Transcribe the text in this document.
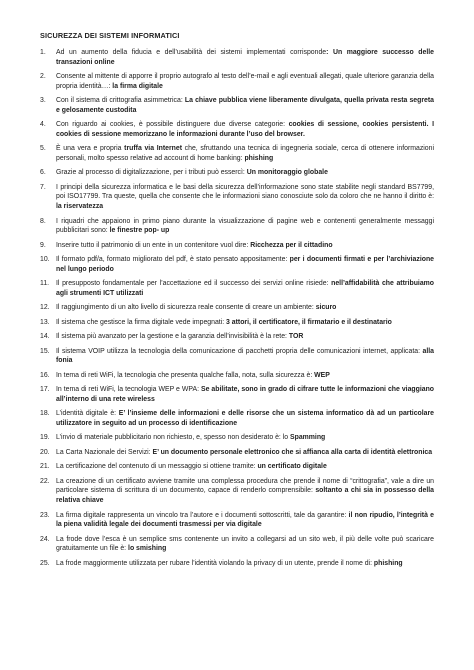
SICUREZZA DEI SISTEMI INFORMATICI
1.	Ad un aumento della fiducia e dell’usabilità dei sistemi implementati corrisponde: Un maggiore successo delle transazioni online
2.	Consente al mittente di apporre il proprio autografo al testo dell’e-mail e agli eventuali allegati, quale ulteriore garanzia della propria identità…: la firma digitale
3.	Con il sistema di crittografia asimmetrica: La chiave pubblica viene liberamente divulgata, quella privata resta segreta e gelosamente custodita
4.	Con riguardo ai cookies, è possibile distinguere due diverse categorie: cookies di sessione, cookies persistenti. I cookies di sessione memorizzano le informazioni durante l’uso del browser.
5.	È una vera e propria truffa via Internet che, sfruttando una tecnica di ingegneria sociale, cerca di ottenere informazioni personali, molto spesso relative ad account di home banking: phishing
6.	Grazie al processo di digitalizzazione, per i tributi può essercì: Un monitoraggio globale
7.	I principi della sicurezza informatica e le basi della sicurezza dell’informazione sono state stabilite negli standard BS7799, poi ISO17799. Tra queste, quella che consente che le informazioni siano conosciute solo da coloro che ne hanno il diritto è: la riservatezza
8.	I riquadri che appaiono in primo piano durante la visualizzazione di pagine web e contenenti generalmente messaggi pubblicitari sono: le finestre pop- up
9.	Inserire tutto il patrimonio di un ente in un contenitore vuol dire: Ricchezza per il cittadino
10. Il formato pdf/a, formato migliorato del pdf, è stato pensato appositamente: per i documenti firmati e per l’archiviazione nel lungo periodo
11.	Il presupposto fondamentale per l’accettazione ed il successo dei servizi online risiede: nell’affidabilità che attribuiamo agli strumenti ICT utilizzati
12. Il raggiungimento di un alto livello di sicurezza reale consente di creare un ambiente: sicuro
13. Il sistema che gestisce la firma digitale vede impegnati: 3 attori, il certificatore, il firmatario e il destinatario
14. Il sistema più avanzato per la gestione e la garanzia dell’invisibilità è la rete: TOR
15. Il sistema VOIP utilizza la tecnologia della comunicazione di pacchetti propria delle comunicazioni internet, applicata: alla fonia
16. In tema di reti WiFi, la tecnologia che presenta qualche falla, nota, sulla sicurezza è: WEP
17. In tema di reti WiFi, la tecnologia WEP e WPA: Se abilitate, sono in grado di cifrare tutte le informazioni che viaggiano all’interno di una rete wireless
18. L’identità digitale è: E’ l’insieme delle informazioni e delle risorse che un sistema informatico dà ad un particolare utilizzatore in seguito ad un processo di identificazione
19. L’invio di materiale pubblicitario non richiesto, e, spesso non desiderato è: lo Spamming
20. La Carta Nazionale dei Servizi: E’ un documento personale elettronico che si affianca alla carta di identità elettronica
21. La certificazione del contenuto di un messaggio si ottiene tramite: un certificato digitale
22. La creazione di un certificato avviene tramite una complessa procedura che prende il nome di “crittografia”, vale a dire un particolare sistema di scrittura di un documento, capace di renderlo comprensibile: soltanto a chi sia in possesso della relativa chiave
23. La firma digitale rappresenta un vincolo tra l’autore e i documenti sottoscritti, tale da garantire: il non ripudio, l’integrità e la piena validità legale dei documenti trasmessi per via digitale
24. La frode dove l’esca è un semplice sms contenente un invito a collegarsi ad un sito web, il più delle volte può scaricare gratuitamente un file è: lo smishing
25. La frode maggiormente utilizzata per rubare l’identità violando la privacy di un utente, prende il nome di: phishing
